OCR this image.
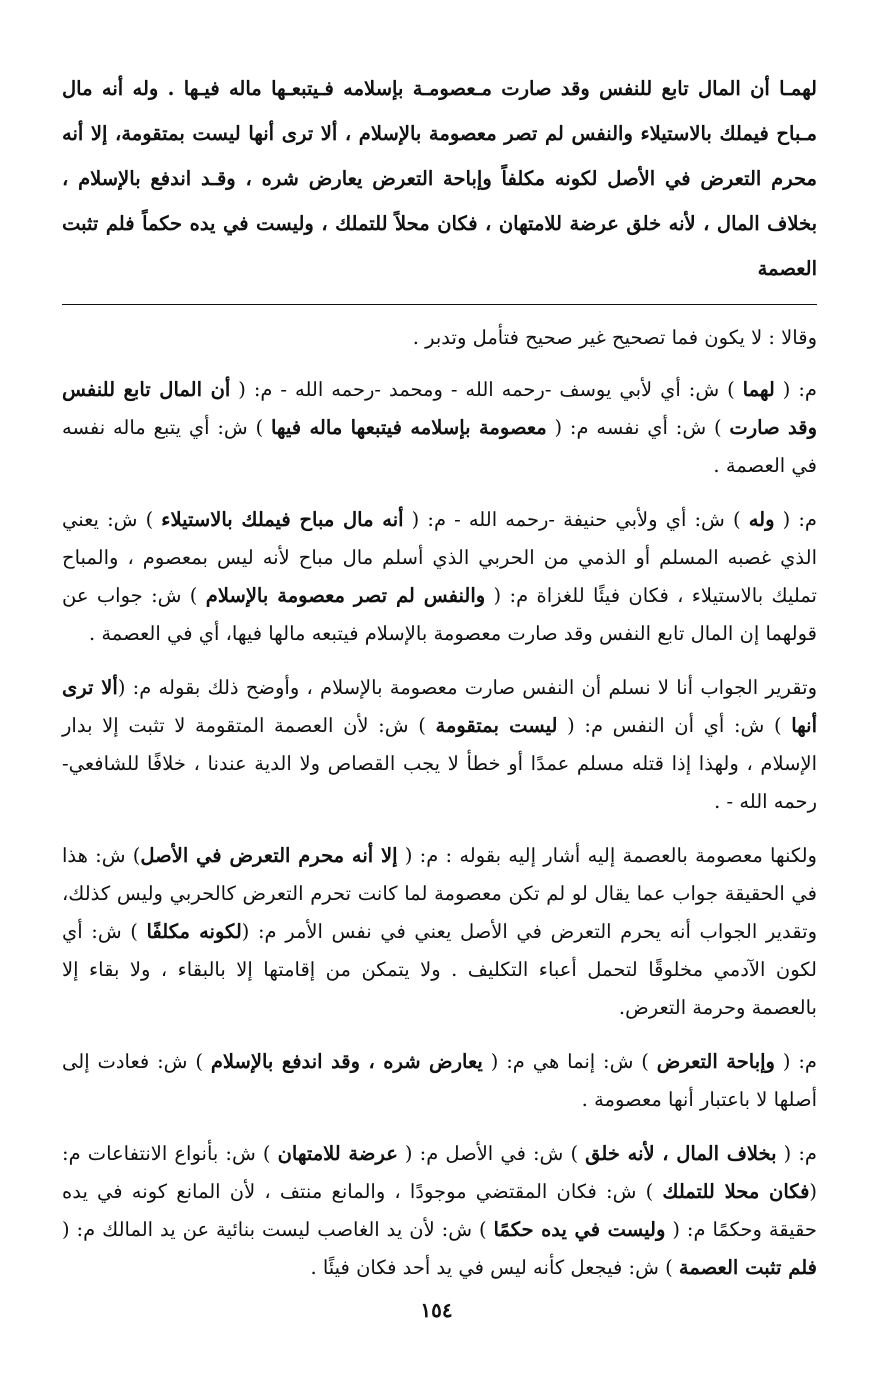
لهمـا أن المال تابع للنفس وقد صارت مـعصومـة بإسلامه فـيتبعـها ماله فيـها . وله أنه مال مـباح فيملك بالاستيلاء والنفس لم تصر معصومة بالإسلام ، ألا ترى أنها ليست بمتقومة، إلا أنه محرم التعرض في الأصل لكونه مكلفاً وإباحة التعرض يعارض شره ، وقـد اندفع بالإسلام ، بخلاف المال ، لأنه خلق عرضة للامتهان ، فكان محلاً للتملك ، وليست في يده حكماً فلم تثبت العصمة

وقالا : لا يكون فما تصحيح غير صحيح فتأمل وتدبر .

م: ( لهما ) ش: أي لأبي يوسف -رحمه الله - ومحمد -رحمه الله - م: ( أن المال تابع للنفس وقد صارت ) ش: أي نفسه م: ( معصومة بإسلامه فيتبعها ماله فيها ) ش: أي يتبع ماله نفسه في العصمة .

م: ( وله ) ش: أي ولأبي حنيفة -رحمه الله - م: ( أنه مال مباح فيملك بالاستيلاء ) ش: يعني الذي غصبه المسلم أو الذمي من الحربي الذي أسلم مال مباح لأنه ليس بمعصوم ، والمباح تمليك بالاستيلاء ، فكان فيئًا للغزاة م: ( والنفس لم تصر معصومة بالإسلام ) ش: جواب عن قولهما إن المال تابع النفس وقد صارت معصومة بالإسلام فيتبعه مالها فيها، أي في العصمة .

وتقرير الجواب أنا لا نسلم أن النفس صارت معصومة بالإسلام ، وأوضح ذلك بقوله م: (ألا ترى أنها ) ش: أي أن النفس م: ( ليست بمتقومة ) ش: لأن العصمة المتقومة لا تثبت إلا بدار الإسلام ، ولهذا إذا قتله مسلم عمدًا أو خطأ لا يجب القصاص ولا الدية عندنا ، خلافًا للشافعي- رحمه الله - .

ولكنها معصومة بالعصمة إليه أشار إليه بقوله : م: ( إلا أنه محرم التعرض في الأصل) ش: هذا في الحقيقة جواب عما يقال لو لم تكن معصومة لما كانت تحرم التعرض كالحربي وليس كذلك، وتقدير الجواب أنه يحرم التعرض في الأصل يعني في نفس الأمر م: (لكونه مكلفًا ) ش: أي لكون الآدمي مخلوقًا لتحمل أعباء التكليف . ولا يتمكن من إقامتها إلا بالبقاء ، ولا بقاء إلا بالعصمة وحرمة التعرض.

م: ( وإباحة التعرض ) ش: إنما هي م: ( يعارض شره ، وقد اندفع بالإسلام ) ش: فعادت إلى أصلها لا باعتبار أنها معصومة .

م: ( بخلاف المال ، لأنه خلق ) ش: في الأصل م: ( عرضة للامتهان ) ش: بأنواع الانتفاعات م: (فكان محلا للتملك ) ش: فكان المقتضي موجودًا ، والمانع منتف ، لأن المانع كونه في يده حقيقة وحكمًا م: ( وليست في يده حكمًا ) ش: لأن يد الغاصب ليست بنائية عن يد المالك م: ( فلم تثبت العصمة ) ش: فيجعل كأنه ليس في يد أحد فكان فيئًا .

١٥٤
